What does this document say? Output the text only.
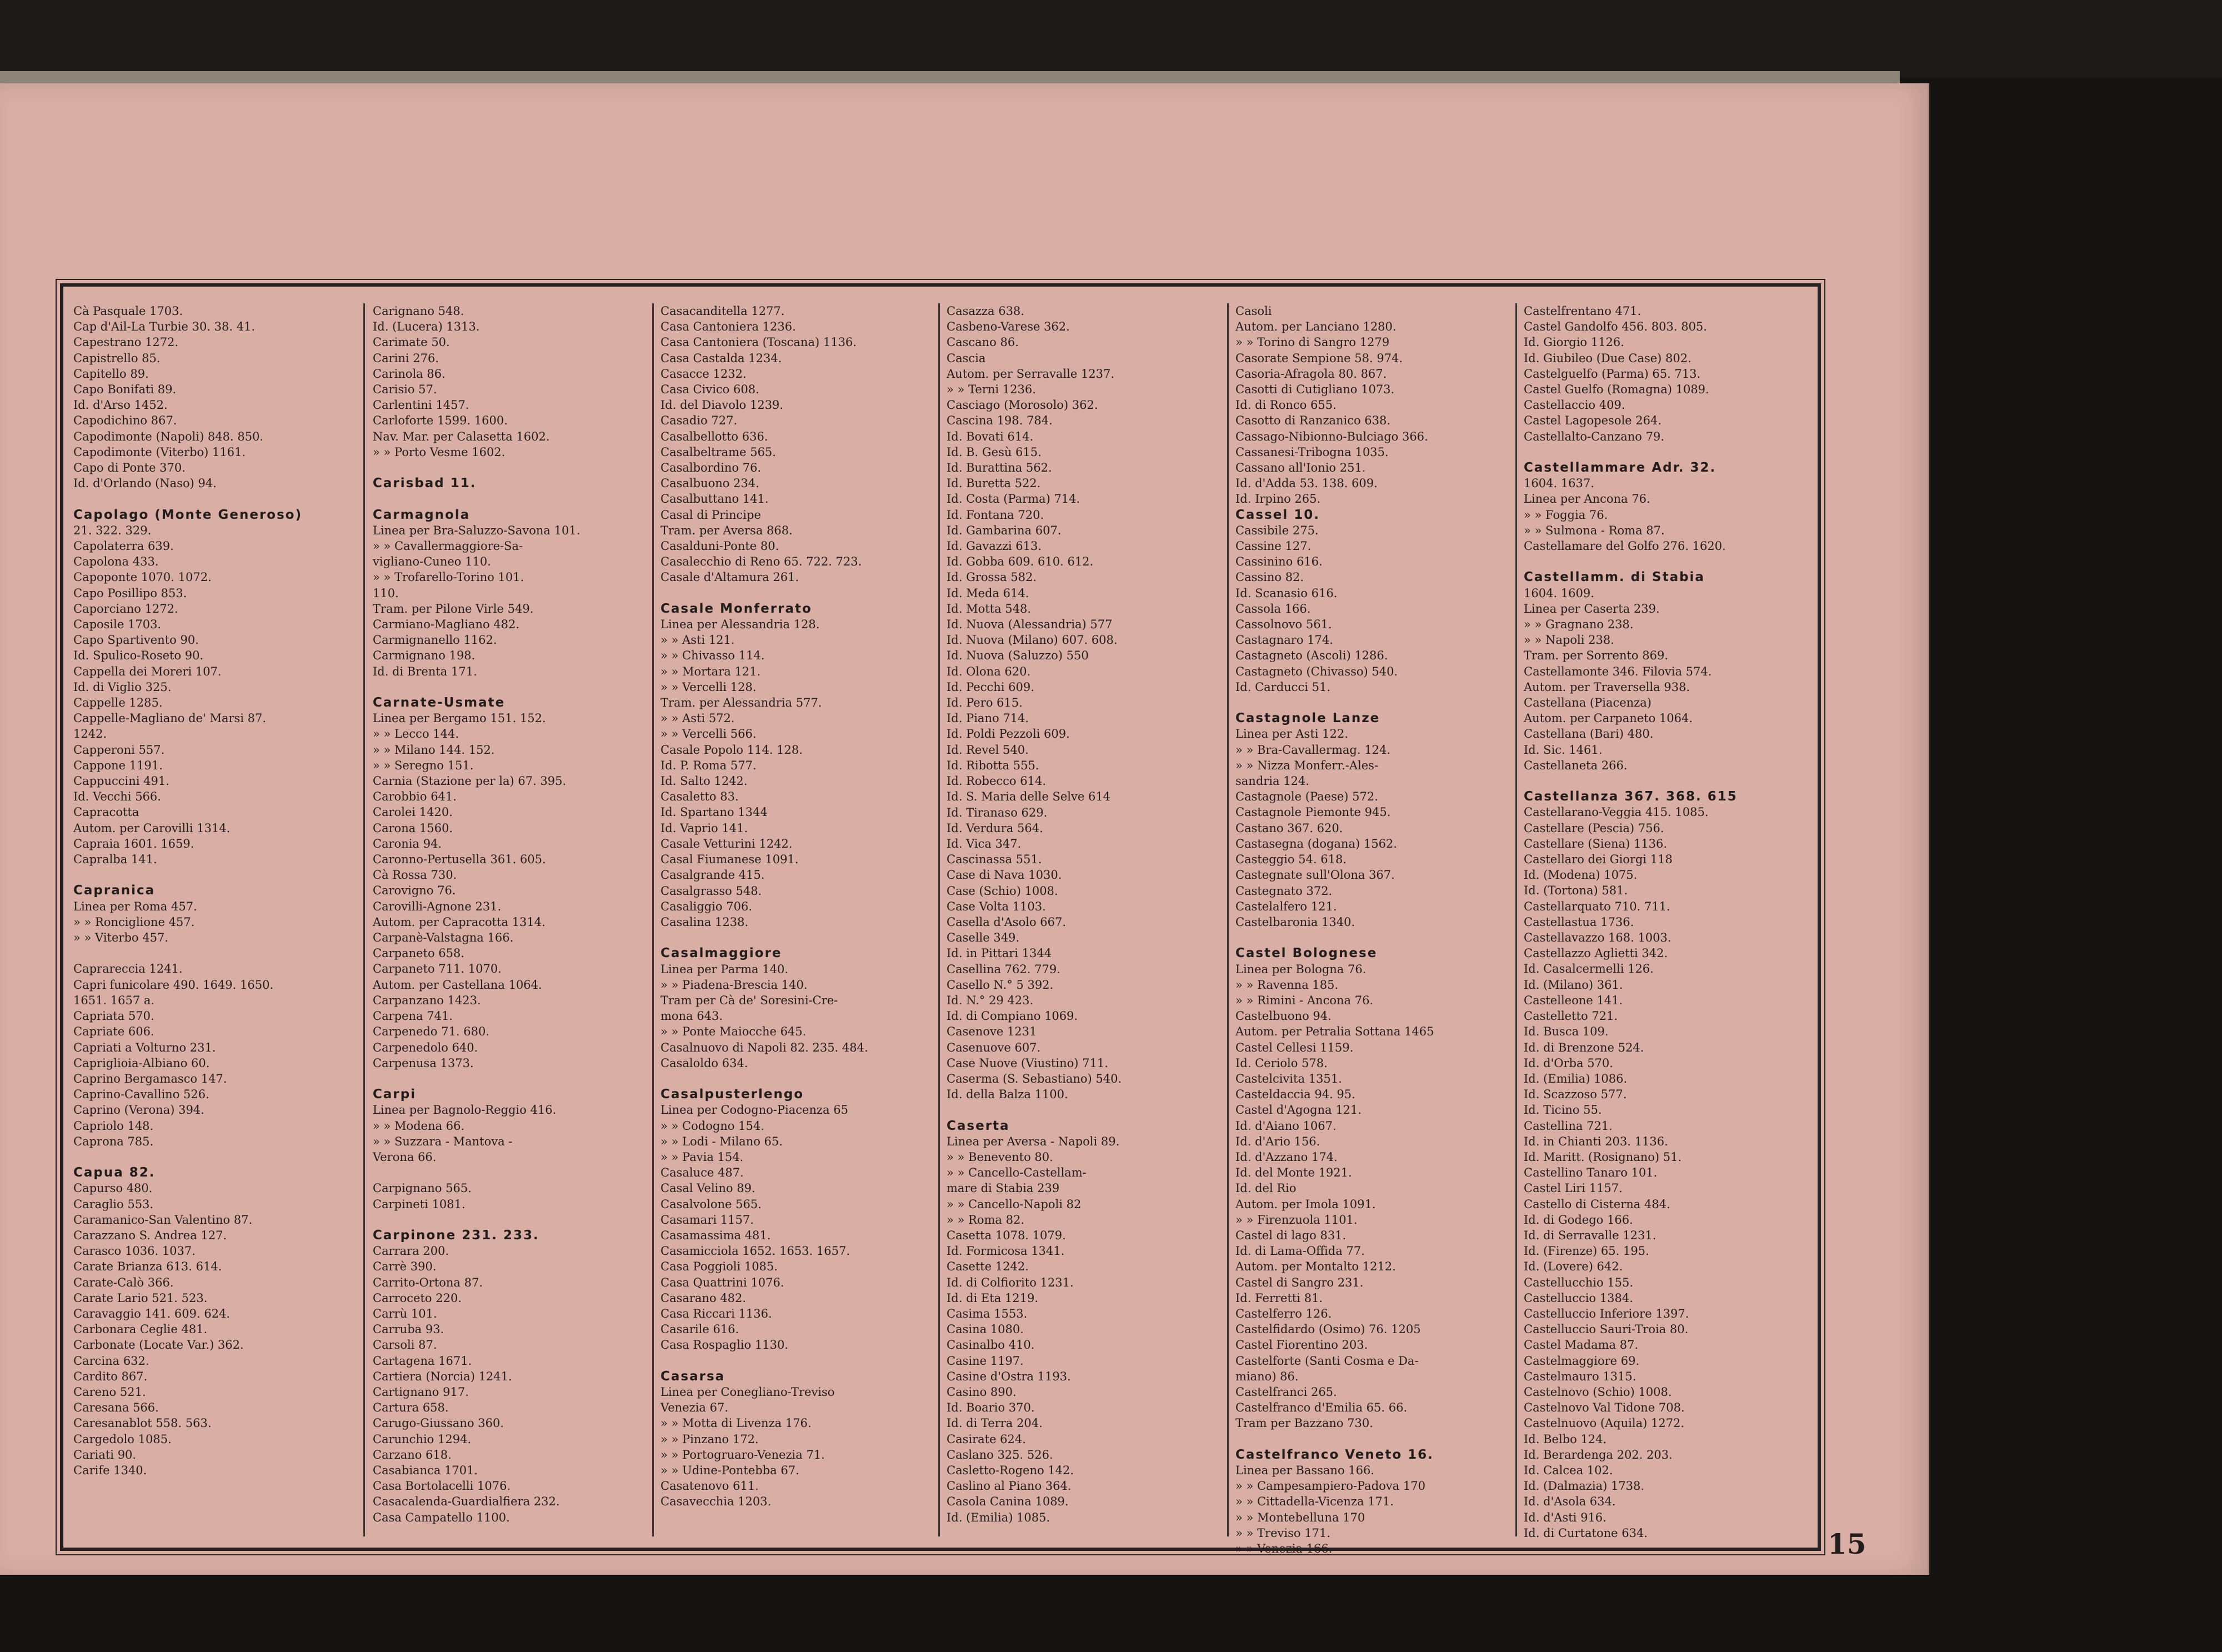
Cà Pasquale 1703.
Cap d'Ail-La Turbie 30. 38. 41.
Capestrano 1272.
Capistrello 85.
Capitello 89.
Capo Bonifati 89.
Id. d'Arso 1452.
Capodichino 867.
Capodimonte (Napoli) 848. 850.
Capodimonte (Viterbo) 1161.
Capo di Ponte 370.
Id. d'Orlando (Naso) 94.
Capolago (Monte Generoso)
21. 322. 329.
Capolaterra 639.
Capolona 433.
Capoponte 1070. 1072.
Capo Posillipo 853.
Caporciano 1272.
Caposile 1703.
Capo Spartivento 90.
Id. Spulico-Roseto 90.
Cappella dei Moreri 107.
Id. di Viglio 325.
Cappelle 1285.
Cappelle-Magliano de' Marsi 87.
1242.
Capperoni 557.
Cappone 1191.
Cappuccini 491.
Id. Vecchi 566.
Capracotta
Autom. per Carovilli 1314.
Capraia 1601. 1659.
Capralba 141.
Capranica
Linea per Roma 457.
» » Ronciglione 457.
» » Viterbo 457.
Caprareccia 1241.
Capri funicolare 490. 1649. 1650.
1651. 1657 a.
Capriata 570.
Capriate 606.
Capriati a Volturno 231.
Capriglioia-Albiano 60.
Caprino Bergamasco 147.
Caprino-Cavallino 526.
Caprino (Verona) 394.
Capriolo 148.
Caprona 785.
Capua 82.
Capurso 480.
Caraglio 553.
Caramanico-San Valentino 87.
Carazzano S. Andrea 127.
Carasco 1036. 1037.
Carate Brianza 613. 614.
Carate-Calò 366.
Carate Lario 521. 523.
Caravaggio 141. 609. 624.
Carbonara Ceglie 481.
Carbonate (Locate Var.) 362.
Carcina 632.
Cardito 867.
Careno 521.
Caresana 566.
Caresanablot 558. 563.
Cargedolo 1085.
Cariati 90.
Carife 1340.
Carignano 548.
Id. (Lucera) 1313.
Carimate 50.
Carini 276.
Carinola 86.
Carisio 57.
Carlentini 1457.
Carloforte 1599. 1600.
Nav. Mar. per Calasetta 1602.
» » Porto Vesme 1602.
Carisbad 11.
Carmagnola
Linea per Bra-Saluzzo-Savona 101.
» » Cavallermaggiore-Sa-
vigliano-Cuneo 110.
» » Trofarello-Torino 101.
110.
Tram. per Pilone Virle 549.
Carmiano-Magliano 482.
Carmignanello 1162.
Carmignano 198.
Id. di Brenta 171.
Carnate-Usmate
Linea per Bergamo 151. 152.
» » Lecco 144.
» » Milano 144. 152.
» » Seregno 151.
Carnia (Stazione per la) 67. 395.
Carobbio 641.
Carolei 1420.
Carona 1560.
Caronia 94.
Caronno-Pertusella 361. 605.
Cà Rossa 730.
Carovigno 76.
Carovilli-Agnone 231.
Autom. per Capracotta 1314.
Carpanè-Valstagna 166.
Carpaneto 658.
Carpaneto 711. 1070.
Autom. per Castellana 1064.
Carpanzano 1423.
Carpena 741.
Carpenedo 71. 680.
Carpenedolo 640.
Carpenusa 1373.
Carpi
Linea per Bagnolo-Reggio 416.
» » Modena 66.
» » Suzzara - Mantova -
Verona 66.
Carpignano 565.
Carpineti 1081.
Carpinone 231. 233.
Carrara 200.
Carrè 390.
Carrito-Ortona 87.
Carroceto 220.
Carrù 101.
Carruba 93.
Carsoli 87.
Cartagena 1671.
Cartiera (Norcia) 1241.
Cartignano 917.
Cartura 658.
Carugo-Giussano 360.
Carunchio 1294.
Carzano 618.
Casabianca 1701.
Casa Bortolacelli 1076.
Casacalenda-Guardialfiera 232.
Casa Campatello 1100.
Casacanditella 1277.
Casa Cantoniera 1236.
Casa Cantoniera (Toscana) 1136.
Casa Castalda 1234.
Casacce 1232.
Casa Civico 608.
Id. del Diavolo 1239.
Casadio 727.
Casalbellotto 636.
Casalbeltrame 565.
Casalbordino 76.
Casalbuono 234.
Casalbuttano 141.
Casal di Principe
Tram. per Aversa 868.
Casalduni-Ponte 80.
Casalecchio di Reno 65. 722. 723.
Casale d'Altamura 261.
Casale Monferrato
Linea per Alessandria 128.
» » Asti 121.
» » Chivasso 114.
» » Mortara 121.
» » Vercelli 128.
Tram. per Alessandria 577.
» » Asti 572.
» » Vercelli 566.
Casale Popolo 114. 128.
Id. P. Roma 577.
Id. Salto 1242.
Casaletto 83.
Id. Spartano 1344
Id. Vaprio 141.
Casale Vetturini 1242.
Casal Fiumanese 1091.
Casalgrande 415.
Casalgrasso 548.
Casaliggio 706.
Casalina 1238.
Casalmaggiore
Linea per Parma 140.
» » Piadena-Brescia 140.
Tram per Cà de' Soresini-Cre-
mona 643.
» » Ponte Maiocche 645.
Casalnuovo di Napoli 82. 235. 484.
Casaloldo 634.
Casalpusterlengo
Linea per Codogno-Piacenza 65
» » Codogno 154.
» » Lodi - Milano 65.
» » Pavia 154.
Casaluce 487.
Casal Velino 89.
Casalvolone 565.
Casamari 1157.
Casamassima 481.
Casamicciola 1652. 1653. 1657.
Casa Poggioli 1085.
Casa Quattrini 1076.
Casarano 482.
Casa Riccari 1136.
Casarile 616.
Casa Rospaglio 1130.
Casarsa
Linea per Conegliano-Treviso
Venezia 67.
» » Motta di Livenza 176.
» » Pinzano 172.
» » Portogruaro-Venezia 71.
» » Udine-Pontebba 67.
Casatenovo 611.
Casavecchia 1203.
Casazza 638.
Casbeno-Varese 362.
Cascano 86.
Cascia
Autom. per Serravalle 1237.
» » Terni 1236.
Casciago (Morosolo) 362.
Cascina 198. 784.
Id. Bovati 614.
Id. B. Gesù 615.
Id. Burattina 562.
Id. Buretta 522.
Id. Costa (Parma) 714.
Id. Fontana 720.
Id. Gambarina 607.
Id. Gavazzi 613.
Id. Gobba 609. 610. 612.
Id. Grossa 582.
Id. Meda 614.
Id. Motta 548.
Id. Nuova (Alessandria) 577
Id. Nuova (Milano) 607. 608.
Id. Nuova (Saluzzo) 550
Id. Olona 620.
Id. Pecchi 609.
Id. Pero 615.
Id. Piano 714.
Id. Poldi Pezzoli 609.
Id. Revel 540.
Id. Ribotta 555.
Id. Robecco 614.
Id. S. Maria delle Selve 614
Id. Tiranaso 629.
Id. Verdura 564.
Id. Vica 347.
Cascinassa 551.
Case di Nava 1030.
Case (Schio) 1008.
Case Volta 1103.
Casella d'Asolo 667.
Caselle 349.
Id. in Pittari 1344
Casellina 762. 779.
Casello N.° 5 392.
Id. N.° 29 423.
Id. di Compiano 1069.
Casenove 1231
Casenuove 607.
Case Nuove (Viustino) 711.
Caserma (S. Sebastiano) 540.
Id. della Balza 1100.
Caserta
Linea per Aversa - Napoli 89.
» » Benevento 80.
» » Cancello-Castellam-
mare di Stabia 239
» » Cancello-Napoli 82
» » Roma 82.
Casetta 1078. 1079.
Id. Formicosa 1341.
Casette 1242.
Id. di Colfiorito 1231.
Id. di Eta 1219.
Casima 1553.
Casina 1080.
Casinalbo 410.
Casine 1197.
Casine d'Ostra 1193.
Casino 890.
Id. Boario 370.
Id. di Terra 204.
Casirate 624.
Caslano 325. 526.
Casletto-Rogeno 142.
Caslino al Piano 364.
Casola Canina 1089.
Id. (Emilia) 1085.
Casoli
Autom. per Lanciano 1280.
» » Torino di Sangro 1279
Casorate Sempione 58. 974.
Casoria-Afragola 80. 867.
Casotti di Cutigliano 1073.
Id. di Ronco 655.
Casotto di Ranzanico 638.
Cassago-Nibionno-Bulciago 366.
Cassanesi-Tribogna 1035.
Cassano all'Ionio 251.
Id. d'Adda 53. 138. 609.
Id. Irpino 265.
Cassel 10.
Cassibile 275.
Cassine 127.
Cassinino 616.
Cassino 82.
Id. Scanasio 616.
Cassola 166.
Cassolnovo 561.
Castagnaro 174.
Castagneto (Ascoli) 1286.
Castagneto (Chivasso) 540.
Id. Carducci 51.
Castagnole Lanze
Linea per Asti 122.
» » Bra-Cavallermag. 124.
» » Nizza Monferr.-Ales-
sandria 124.
Castagnole (Paese) 572.
Castagnole Piemonte 945.
Castano 367. 620.
Castasegna (dogana) 1562.
Casteggio 54. 618.
Castegnate sull'Olona 367.
Castegnato 372.
Castelalfero 121.
Castelbaronia 1340.
Castel Bolognese
Linea per Bologna 76.
» » Ravenna 185.
» » Rimini - Ancona 76.
Castelbuono 94.
Autom. per Petralia Sottana 1465
Castel Cellesi 1159.
Id. Ceriolo 578.
Castelcivita 1351.
Casteldaccia 94. 95.
Castel d'Agogna 121.
Id. d'Aiano 1067.
Id. d'Ario 156.
Id. d'Azzano 174.
Id. del Monte 1921.
Id. del Rio
Autom. per Imola 1091.
» » Firenzuola 1101.
Castel di lago 831.
Id. di Lama-Offida 77.
Autom. per Montalto 1212.
Castel di Sangro 231.
Id. Ferretti 81.
Castelferro 126.
Castelfidardo (Osimo) 76. 1205
Castel Fiorentino 203.
Castelforte (Santi Cosma e Da-
miano) 86.
Castelfranci 265.
Castelfranco d'Emilia 65. 66.
Tram per Bazzano 730.
Castelfranco Veneto 16.
Linea per Bassano 166.
» » Campesampiero-Padova 170
» » Cittadella-Vicenza 171.
» » Montebelluna 170
» » Treviso 171.
» » Venezia 166.
Castelfrentano 471.
Castel Gandolfo 456. 803. 805.
Id. Giorgio 1126.
Id. Giubileo (Due Case) 802.
Castelguelfo (Parma) 65. 713.
Castel Guelfo (Romagna) 1089.
Castellaccio 409.
Castel Lagopesole 264.
Castellalto-Canzano 79.
Castellammare Adr. 32.
1604. 1637.
Linea per Ancona 76.
» » Foggia 76.
» » Sulmona - Roma 87.
Castellamare del Golfo 276. 1620.
Castellamm. di Stabia
1604. 1609.
Linea per Caserta 239.
» » Gragnano 238.
» » Napoli 238.
Tram. per Sorrento 869.
Castellamonte 346. Filovia 574.
Autom. per Traversella 938.
Castellana (Piacenza)
Autom. per Carpaneto 1064.
Castellana (Bari) 480.
Id. Sic. 1461.
Castellaneta 266.
Castellanza 367. 368. 615
Castellarano-Veggia 415. 1085.
Castellare (Pescia) 756.
Castellare (Siena) 1136.
Castellaro dei Giorgi 118
Id. (Modena) 1075.
Id. (Tortona) 581.
Castellarquato 710. 711.
Castellastua 1736.
Castellavazzo 168. 1003.
Castellazzo Aglietti 342.
Id. Casalcermelli 126.
Id. (Milano) 361.
Castelleone 141.
Castelletto 721.
Id. Busca 109.
Id. di Brenzone 524.
Id. d'Orba 570.
Id. (Emilia) 1086.
Id. Scazzoso 577.
Id. Ticino 55.
Castellina 721.
Id. in Chianti 203. 1136.
Id. Maritt. (Rosignano) 51.
Castellino Tanaro 101.
Castel Liri 1157.
Castello di Cisterna 484.
Id. di Godego 166.
Id. di Serravalle 1231.
Id. (Firenze) 65. 195.
Id. (Lovere) 642.
Castellucchio 155.
Castelluccio 1384.
Castelluccio Inferiore 1397.
Castelluccio Sauri-Troia 80.
Castel Madama 87.
Castelmaggiore 69.
Castelmauro 1315.
Castelnovo (Schio) 1008.
Castelnovo Val Tidone 708.
Castelnuovo (Aquila) 1272.
Id. Belbo 124.
Id. Berardenga 202. 203.
Id. Calcea 102.
Id. (Dalmazia) 1738.
Id. d'Asola 634.
Id. d'Asti 916.
Id. di Curtatone 634.	15
